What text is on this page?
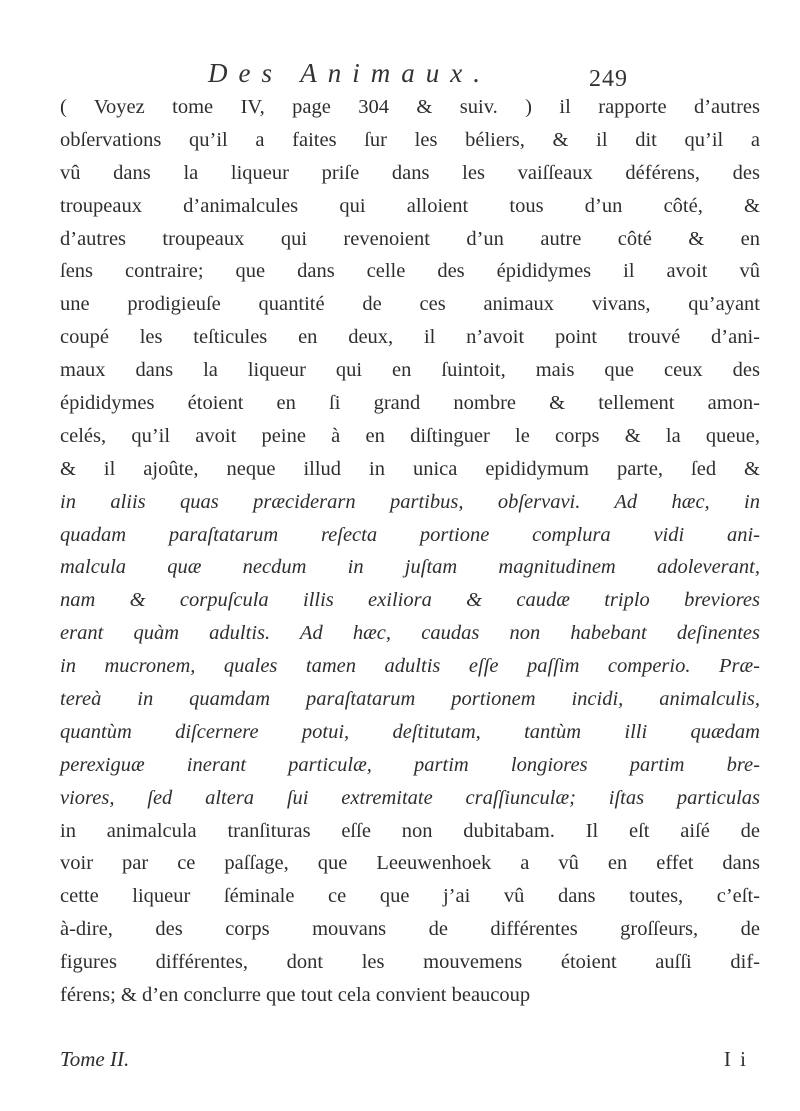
Des Animaux.	249
( Voyez tome IV, page 304 & suiv. ) il rapporte d’autres
obſervations qu’il a faites ſur les béliers, & il dit qu’il a
vû dans la liqueur priſe dans les vaiſſeaux déférens, des
troupeaux d’animalcules qui alloient tous d’un côté, &
d’autres troupeaux qui revenoient d’un autre côté & en
ſens contraire; que dans celle des épididymes il avoit vû
une prodigieuſe quantité de ces animaux vivans, qu’ayant
coupé les teſticules en deux, il n’avoit point trouvé d’ani-
maux dans la liqueur qui en ſuintoit, mais que ceux des
épididymes étoient en ſi grand nombre & tellement amon-
celés, qu’il avoit peine à en diſtinguer le corps & la queue,
& il ajoûte, neque illud in unica epididymum parte, ſed &
in aliis quas præciderarn partibus, obſervavi. Ad hæc, in
quadam paraſtatarum reſecta portione complura vidi ani-
malcula quæ necdum in juſtam magnitudinem adoleverant,
nam & corpuſcula illis exiliora & caudæ triplo breviores
erant quàm adultis. Ad hæc, caudas non habebant deſinentes
in mucronem, quales tamen adultis eſſe paſſim comperio. Præ-
tereà in quamdam paraſtatarum portionem incidi, animalculis,
quantùm diſcernere potui, deſtitutam, tantùm illi quædam
perexiguæ inerant particulæ, partim longiores partim bre-
viores, ſed altera ſui extremitate craſſiunculæ; iſtas particulas
in animalcula tranſituras eſſe non dubitabam. Il eſt aiſé de
voir par ce paſſage, que Leeuwenhoek a vû en effet dans
cette liqueur ſéminale ce que j’ai vû dans toutes, c’eſt-
à-dire, des corps mouvans de différentes groſſeurs, de
figures différentes, dont les mouvemens étoient auſſi dif-
férens; & d’en conclurre que tout cela convient beaucoup
Tome II.	I i
